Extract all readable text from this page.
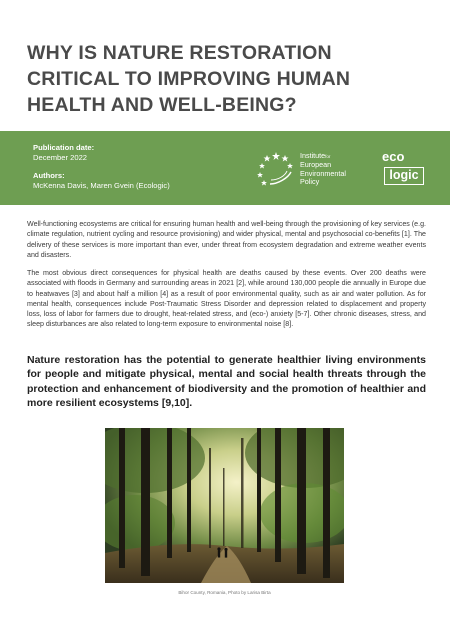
WHY IS NATURE RESTORATION CRITICAL TO IMPROVING HUMAN HEALTH AND WELL-BEING?
Publication date:
December 2022
Authors:
McKenna Davis, Maren Gvein (Ecologic)
Institutefor
European
Environmental
Policy
eco
logic

Well-functioning ecosystems are critical for ensuring human health and well-being through the provisioning of key services (e.g. climate regulation, nutrient cycling and resource provisioning) and wider physical, mental and psychosocial co-benefits [1]. The delivery of these services is more important than ever, under threat from ecosystem degradation and extreme weather events and disasters.

The most obvious direct consequences for physical health are deaths caused by these events. Over 200 deaths were associated with floods in Germany and surrounding areas in 2021 [2], while around 130,000 people die annually in Europe due to heatwaves [3] and about half a million [4] as a result of poor environmental quality, such as air and water pollution. As for mental health, consequences include Post-Traumatic Stress Disorder and depression related to displacement and property loss, loss of labor for farmers due to drought, heat-related stress, and (eco-) anxiety [5-7]. Other chronic diseases, stress, and sleep disturbances are also related to long-term exposure to environmental noise [8].

Nature restoration has the potential to generate healthier living environments for people and mitigate physical, mental and social health threats through the protection and enhancement of biodiversity and the promotion of healthier and more resilient ecosystems [9,10].

Bihor County, Romania, Photo by Larisa Birta
